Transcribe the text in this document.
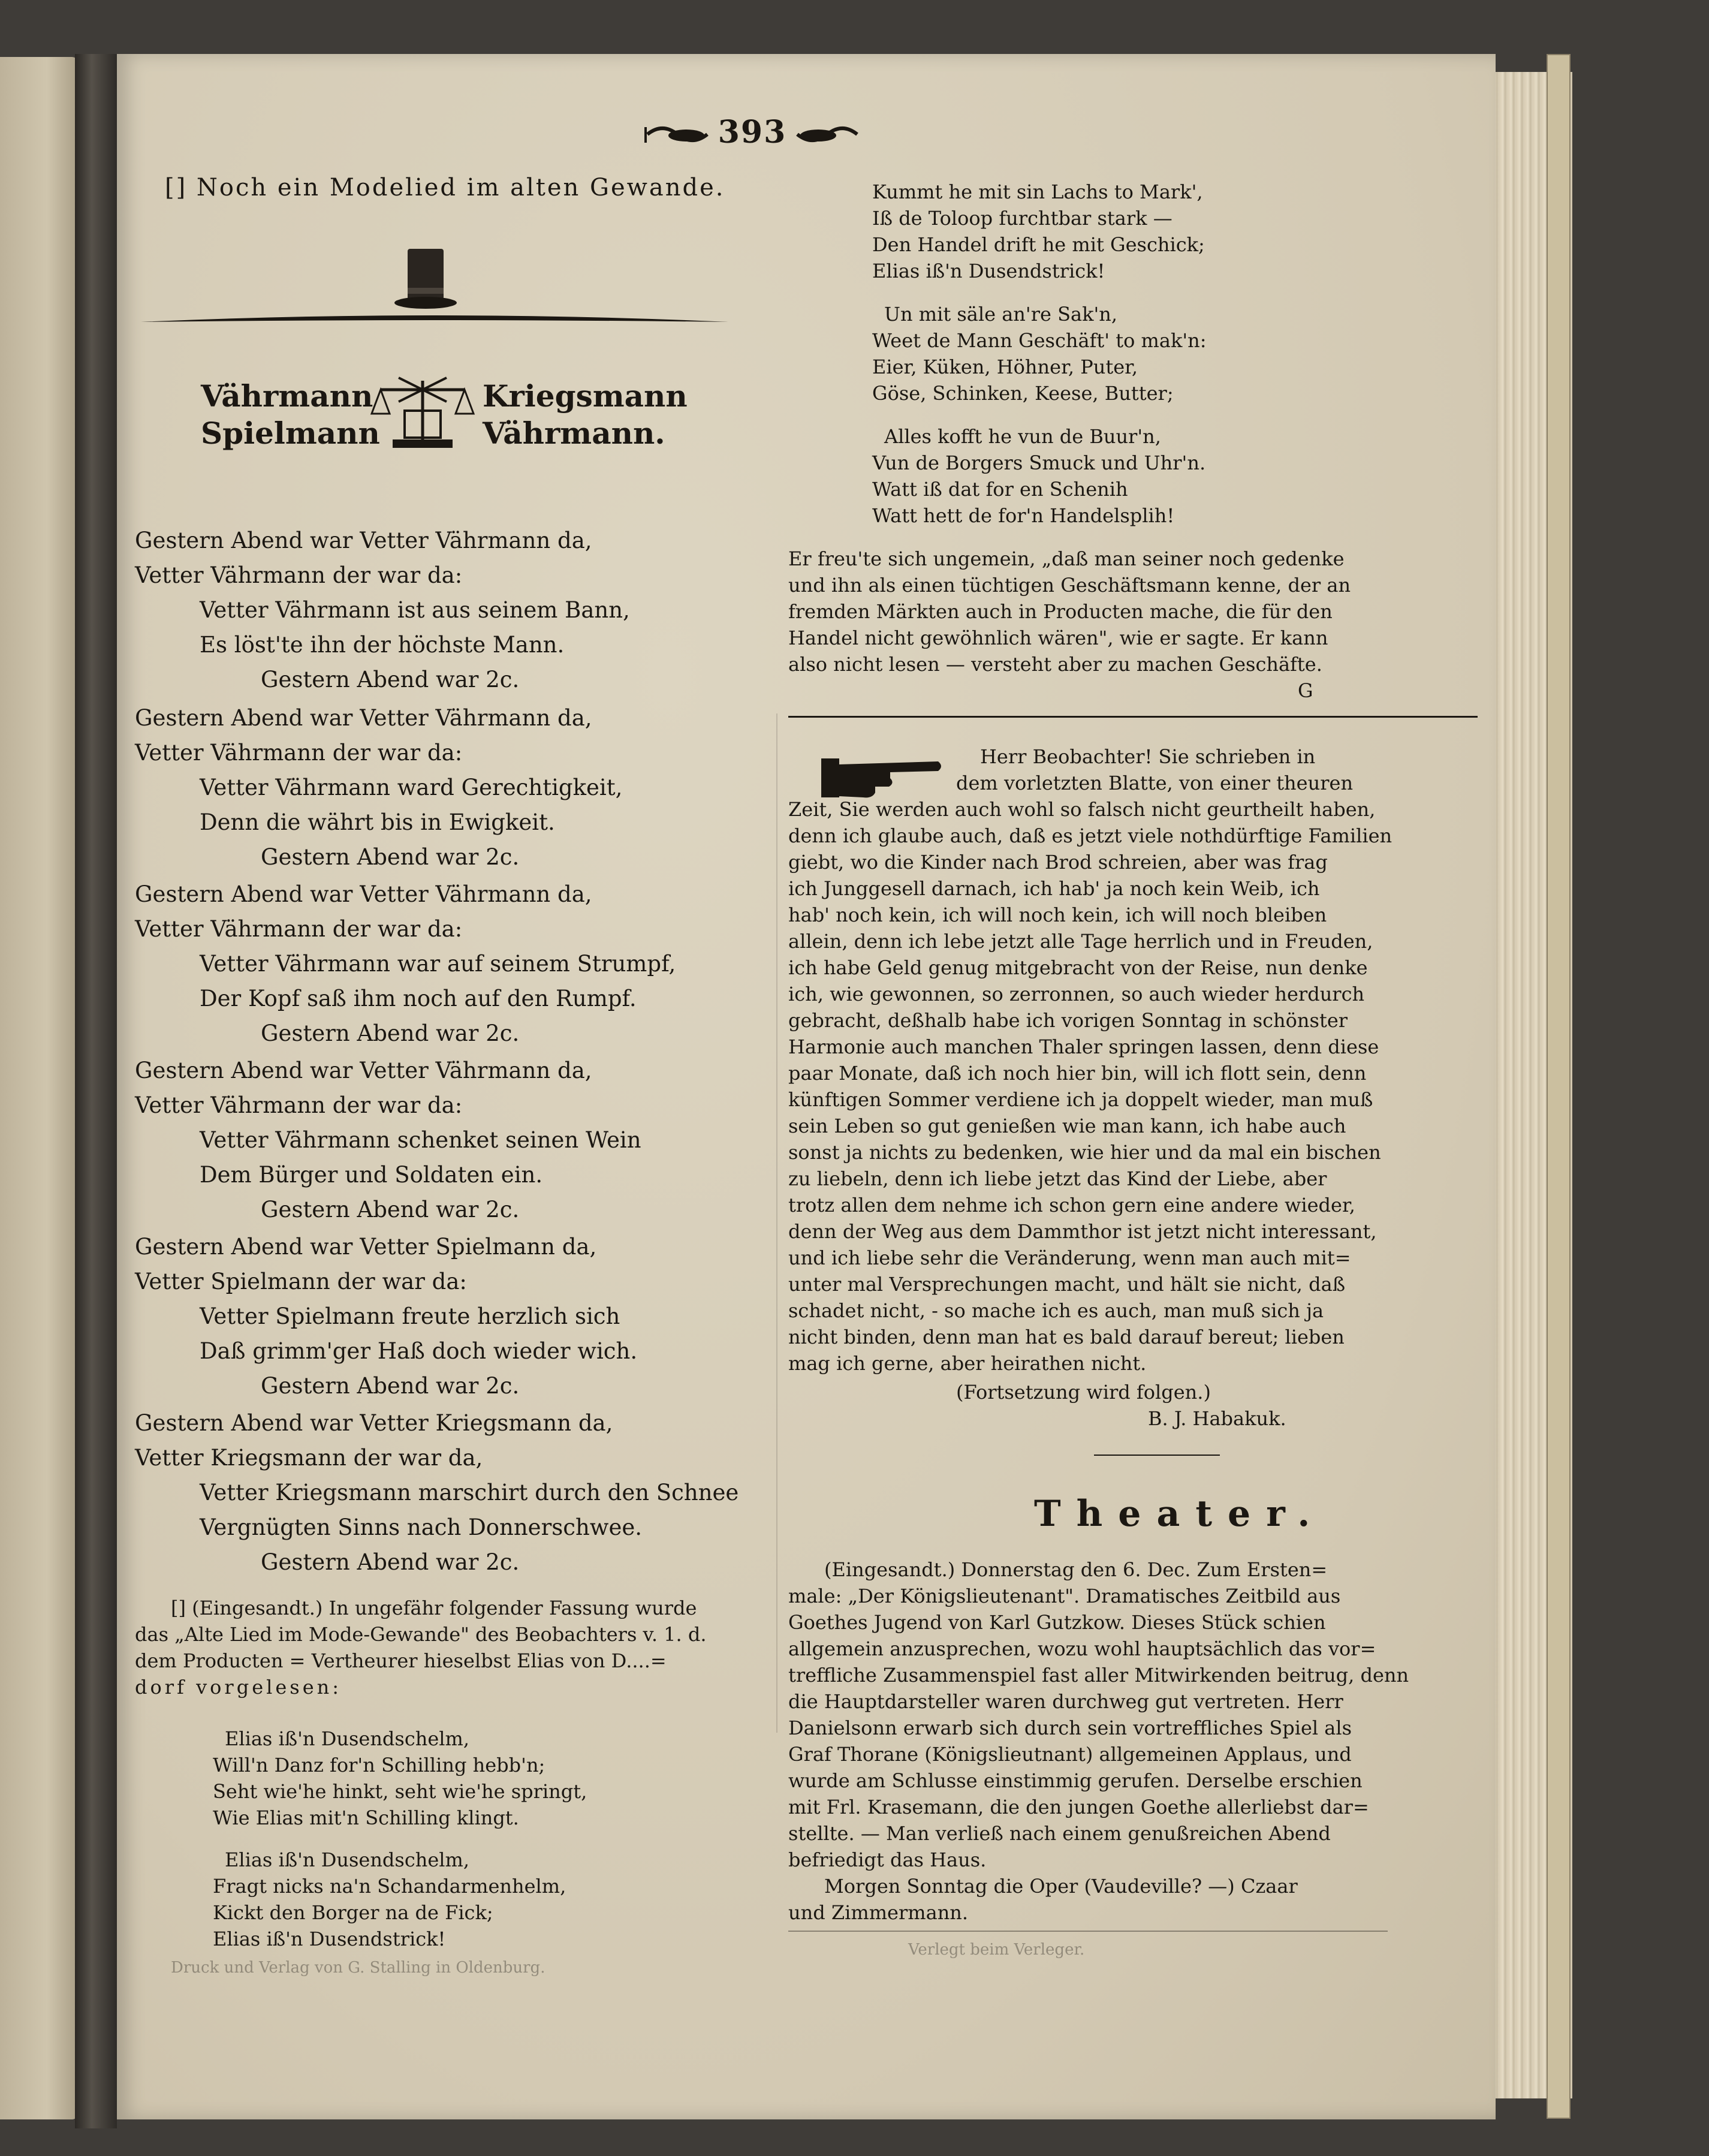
393
[] Noch ein Modelied im alten Gewande.
Vährmann	Kriegsmann
Spielmann	Vährmann.
Gestern Abend war Vetter Vährmann da,
Vetter Vährmann der war da:
Vetter Vährmann ist aus seinem Bann,
Es löst'te ihn der höchste Mann.
Gestern Abend war 2c.
Gestern Abend war Vetter Vährmann da,
Vetter Vährmann der war da:
Vetter Vährmann ward Gerechtigkeit,
Denn die währt bis in Ewigkeit.
Gestern Abend war 2c.
Gestern Abend war Vetter Vährmann da,
Vetter Vährmann der war da:
Vetter Vährmann war auf seinem Strumpf,
Der Kopf saß ihm noch auf den Rumpf.
Gestern Abend war 2c.
Gestern Abend war Vetter Vährmann da,
Vetter Vährmann der war da:
Vetter Vährmann schenket seinen Wein
Dem Bürger und Soldaten ein.
Gestern Abend war 2c.
Gestern Abend war Vetter Spielmann da,
Vetter Spielmann der war da:
Vetter Spielmann freute herzlich sich
Daß grimm'ger Haß doch wieder wich.
Gestern Abend war 2c.
Gestern Abend war Vetter Kriegsmann da,
Vetter Kriegsmann der war da,
Vetter Kriegsmann marschirt durch den Schnee
Vergnügten Sinns nach Donnerschwee.
Gestern Abend war 2c.
[] (Eingesandt.) In ungefähr folgender Fassung wurde
das „Alte Lied im Mode-Gewande" des Beobachters v. 1. d.
dem Producten = Vertheurer hieselbst Elias von D....=
dorf vorgelesen:
Elias iß'n Dusendschelm,
Will'n Danz for'n Schilling hebb'n;
Seht wie'he hinkt, seht wie'he springt,
Wie Elias mit'n Schilling klingt.
Elias iß'n Dusendschelm,
Fragt nicks na'n Schandarmenhelm,
Kickt den Borger na de Fick;
Elias iß'n Dusendstrick!
Druck und Verlag von G. Stalling in Oldenburg.
Kummt he mit sin Lachs to Mark',
Iß de Toloop furchtbar stark —
Den Handel drift he mit Geschick;
Elias iß'n Dusendstrick!
Un mit säle an're Sak'n,
Weet de Mann Geschäft' to mak'n:
Eier, Küken, Höhner, Puter,
Göse, Schinken, Keese, Butter;
Alles kofft he vun de Buur'n,
Vun de Borgers Smuck und Uhr'n.
Watt iß dat for en Schenih
Watt hett de for'n Handelsplih!
Er freu'te sich ungemein, „daß man seiner noch gedenke
und ihn als einen tüchtigen Geschäftsmann kenne, der an
fremden Märkten auch in Producten mache, die für den
Handel nicht gewöhnlich wären", wie er sagte. Er kann
also nicht lesen — versteht aber zu machen Geschäfte.
G
Herr Beobachter! Sie schrieben in
dem vorletzten Blatte, von einer theuren
Zeit, Sie werden auch wohl so falsch nicht geurtheilt haben,
denn ich glaube auch, daß es jetzt viele nothdürftige Familien
giebt, wo die Kinder nach Brod schreien, aber was frag
ich Junggesell darnach, ich hab' ja noch kein Weib, ich
hab' noch kein, ich will noch kein, ich will noch bleiben
allein, denn ich lebe jetzt alle Tage herrlich und in Freuden,
ich habe Geld genug mitgebracht von der Reise, nun denke
ich, wie gewonnen, so zerronnen, so auch wieder herdurch
gebracht, deßhalb habe ich vorigen Sonntag in schönster
Harmonie auch manchen Thaler springen lassen, denn diese
paar Monate, daß ich noch hier bin, will ich flott sein, denn
künftigen Sommer verdiene ich ja doppelt wieder, man muß
sein Leben so gut genießen wie man kann, ich habe auch
sonst ja nichts zu bedenken, wie hier und da mal ein bischen
zu liebeln, denn ich liebe jetzt das Kind der Liebe, aber
trotz allen dem nehme ich schon gern eine andere wieder,
denn der Weg aus dem Dammthor ist jetzt nicht interessant,
und ich liebe sehr die Veränderung, wenn man auch mit=
unter mal Versprechungen macht, und hält sie nicht, daß
schadet nicht, - so mache ich es auch, man muß sich ja
nicht binden, denn man hat es bald darauf bereut; lieben
mag ich gerne, aber heirathen nicht.
(Fortsetzung wird folgen.)
B. J. Habakuk.
Theater.
(Eingesandt.) Donnerstag den 6. Dec. Zum Ersten=
male: „Der Königslieutenant". Dramatisches Zeitbild aus
Goethes Jugend von Karl Gutzkow. Dieses Stück schien
allgemein anzusprechen, wozu wohl hauptsächlich das vor=
treffliche Zusammenspiel fast aller Mitwirkenden beitrug, denn
die Hauptdarsteller waren durchweg gut vertreten. Herr
Danielsonn erwarb sich durch sein vortreffliches Spiel als
Graf Thorane (Königslieutnant) allgemeinen Applaus, und
wurde am Schlusse einstimmig gerufen. Derselbe erschien
mit Frl. Krasemann, die den jungen Goethe allerliebst dar=
stellte. — Man verließ nach einem genußreichen Abend
befriedigt das Haus.
Morgen Sonntag die Oper (Vaudeville? —) Czaar
und Zimmermann.
Verlegt beim Verleger.
